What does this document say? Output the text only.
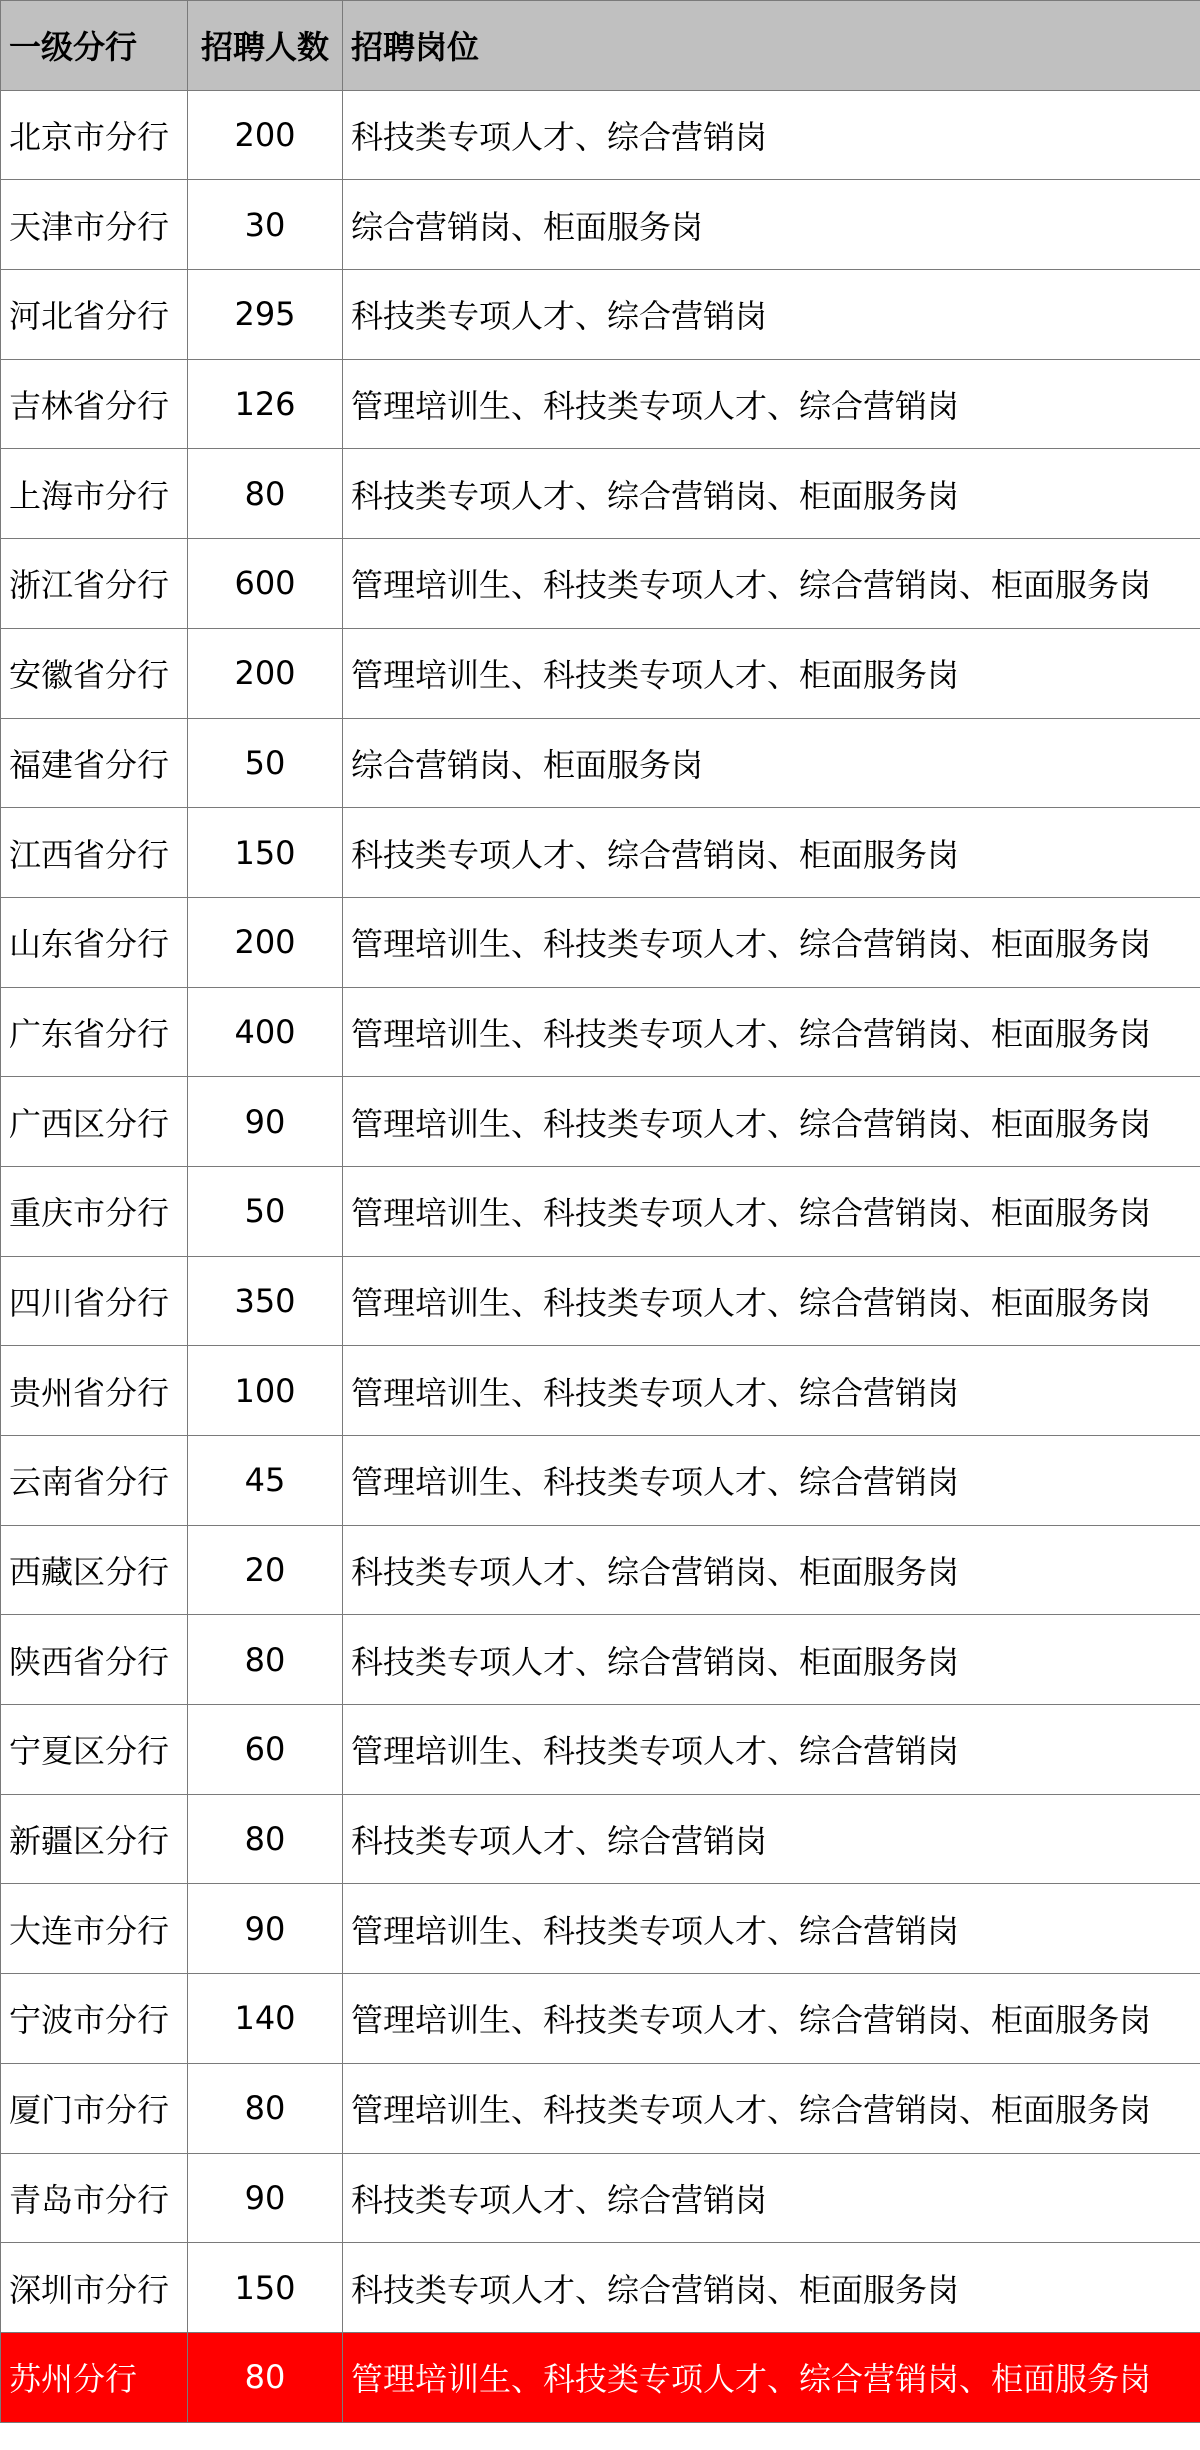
一级分行	招聘人数	招聘岗位
北京市分行	200	科技类专项人才、综合营销岗
天津市分行	30	综合营销岗、柜面服务岗
河北省分行	295	科技类专项人才、综合营销岗
吉林省分行	126	管理培训生、科技类专项人才、综合营销岗
上海市分行	80	科技类专项人才、综合营销岗、柜面服务岗
浙江省分行	600	管理培训生、科技类专项人才、综合营销岗、柜面服务岗
安徽省分行	200	管理培训生、科技类专项人才、柜面服务岗
福建省分行	50	综合营销岗、柜面服务岗
江西省分行	150	科技类专项人才、综合营销岗、柜面服务岗
山东省分行	200	管理培训生、科技类专项人才、综合营销岗、柜面服务岗
广东省分行	400	管理培训生、科技类专项人才、综合营销岗、柜面服务岗
广西区分行	90	管理培训生、科技类专项人才、综合营销岗、柜面服务岗
重庆市分行	50	管理培训生、科技类专项人才、综合营销岗、柜面服务岗
四川省分行	350	管理培训生、科技类专项人才、综合营销岗、柜面服务岗
贵州省分行	100	管理培训生、科技类专项人才、综合营销岗
云南省分行	45	管理培训生、科技类专项人才、综合营销岗
西藏区分行	20	科技类专项人才、综合营销岗、柜面服务岗
陕西省分行	80	科技类专项人才、综合营销岗、柜面服务岗
宁夏区分行	60	管理培训生、科技类专项人才、综合营销岗
新疆区分行	80	科技类专项人才、综合营销岗
大连市分行	90	管理培训生、科技类专项人才、综合营销岗
宁波市分行	140	管理培训生、科技类专项人才、综合营销岗、柜面服务岗
厦门市分行	80	管理培训生、科技类专项人才、综合营销岗、柜面服务岗
青岛市分行	90	科技类专项人才、综合营销岗
深圳市分行	150	科技类专项人才、综合营销岗、柜面服务岗
苏州分行	80	管理培训生、科技类专项人才、综合营销岗、柜面服务岗
